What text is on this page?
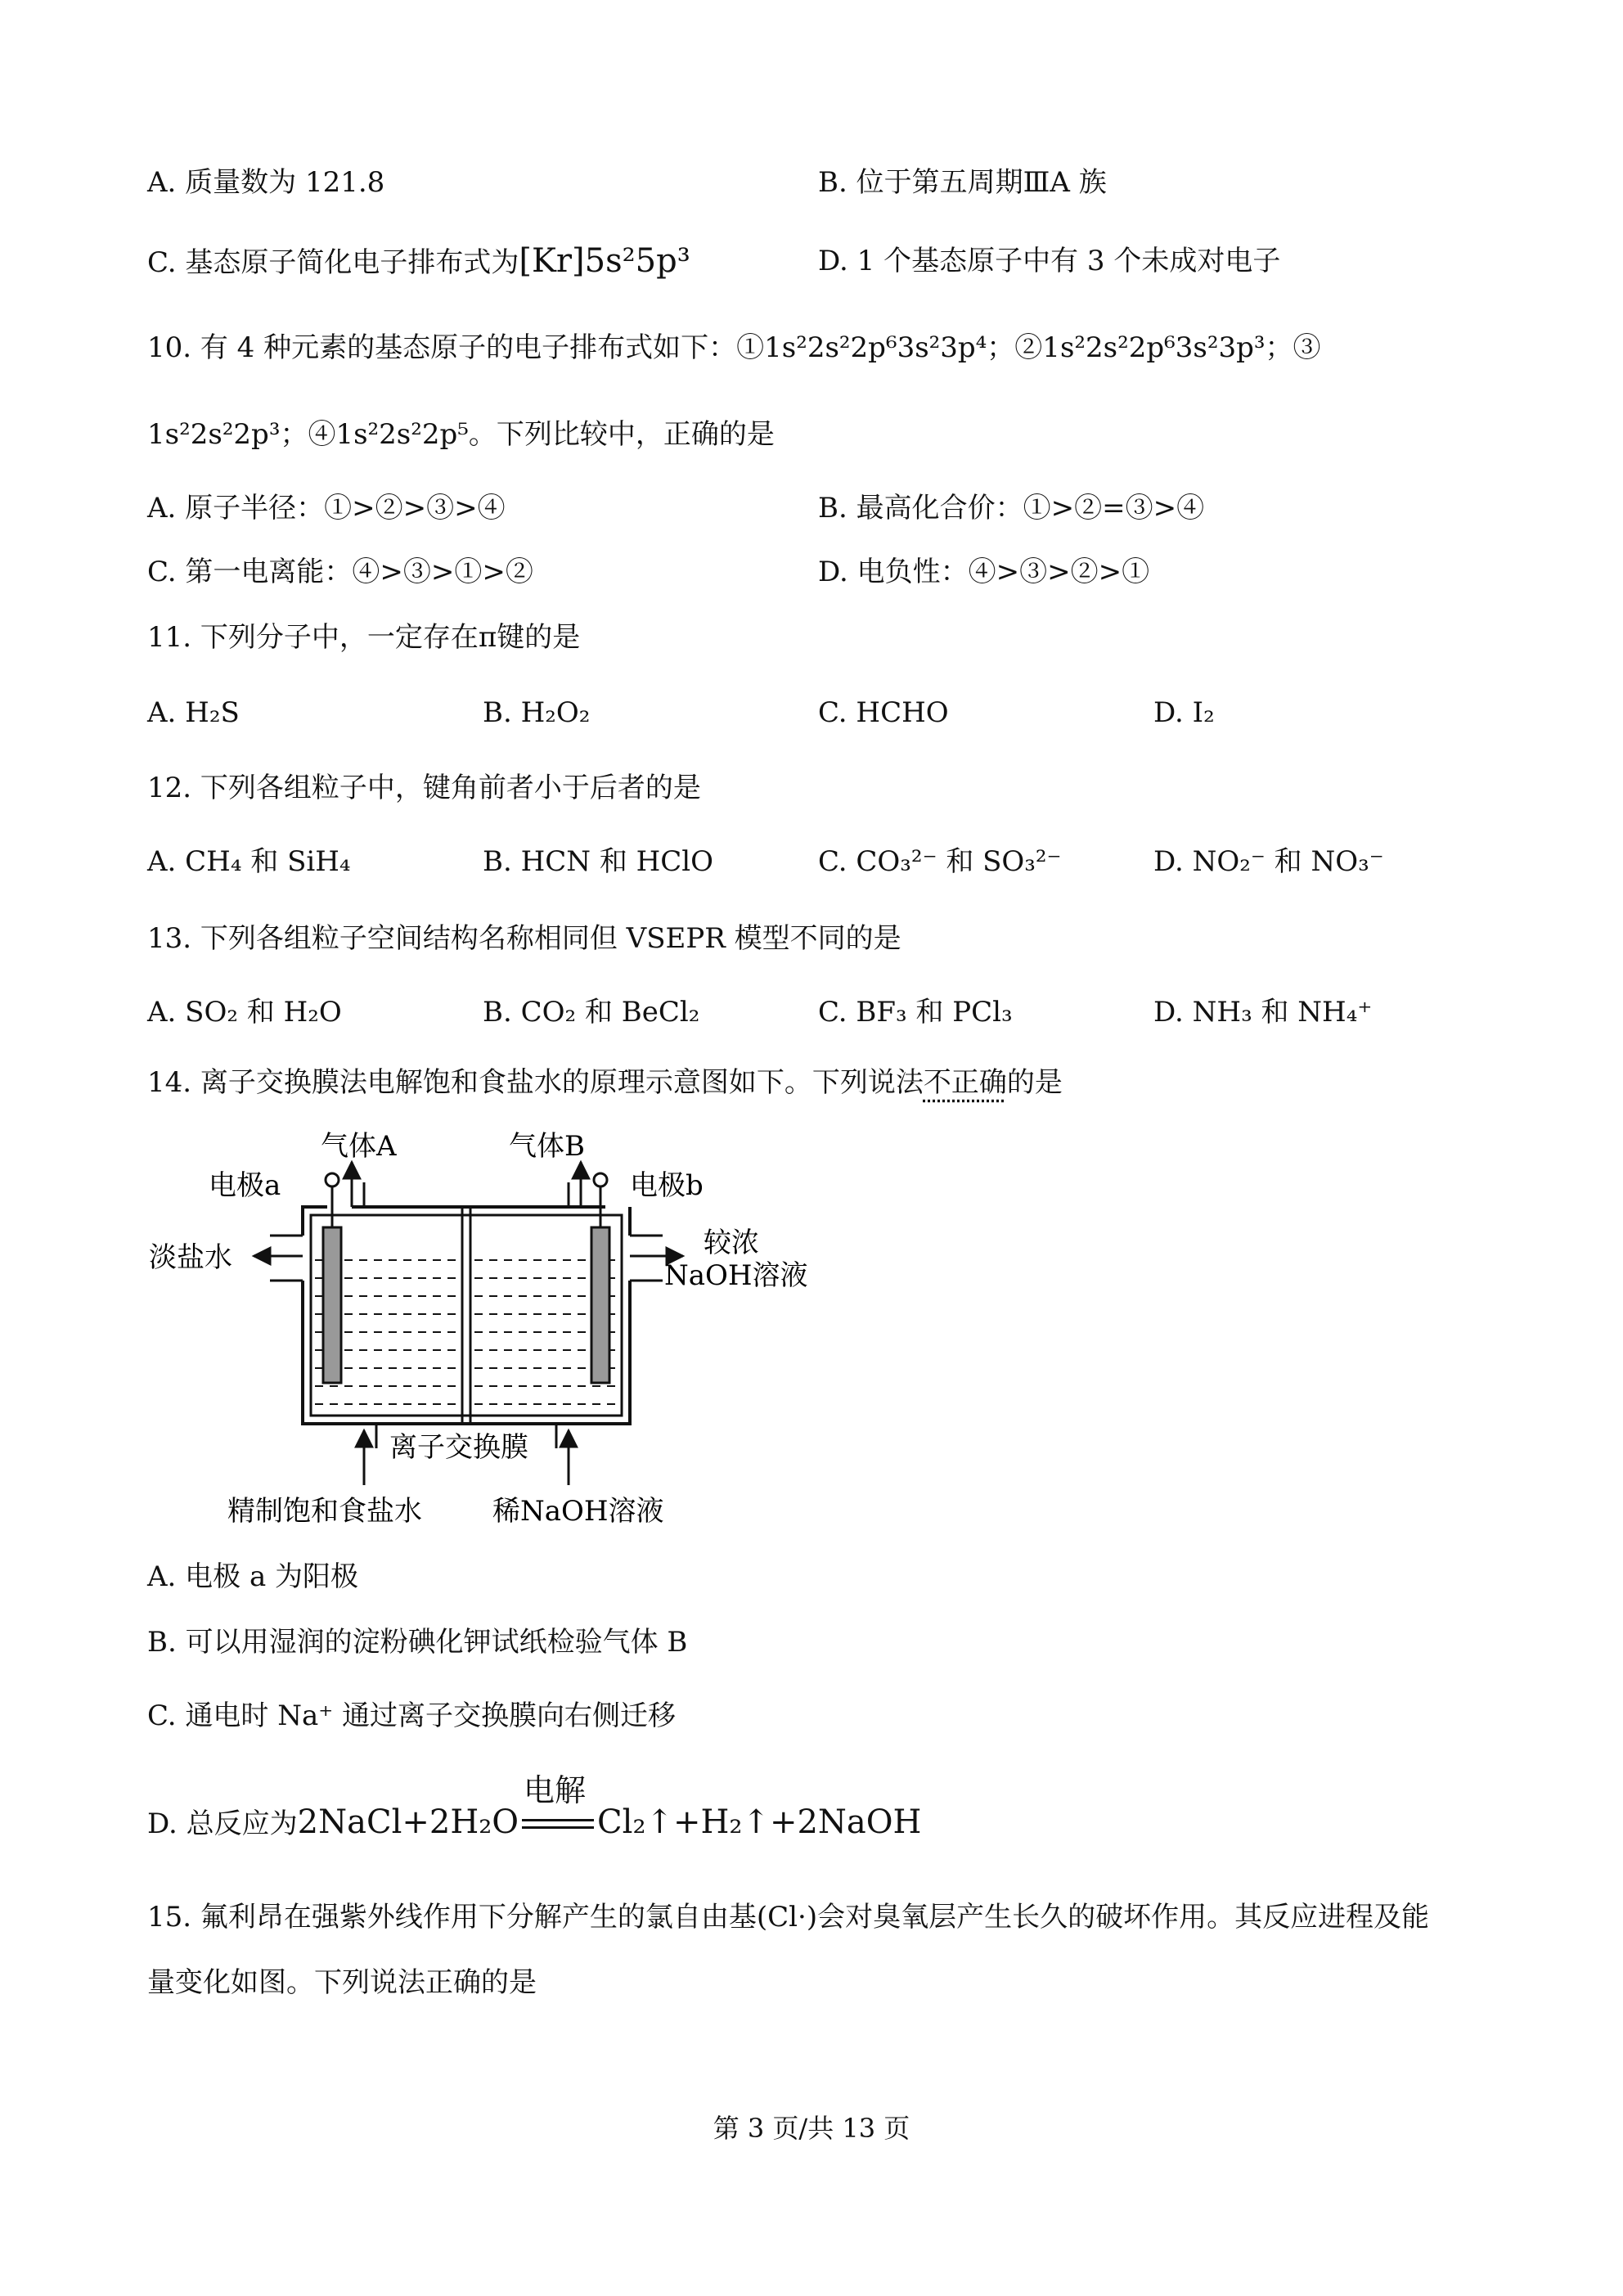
A. 质量数为 121.8	B. 位于第五周期ⅢA 族
C. 基态原子简化电子排布式为[Kr]5s²5p³	D. 1 个基态原子中有 3 个未成对电子
10. 有 4 种元素的基态原子的电子排布式如下：①1s²2s²2p⁶3s²3p⁴；②1s²2s²2p⁶3s²3p³；③
1s²2s²2p³；④1s²2s²2p⁵。下列比较中，正确的是
A. 原子半径：①>②>③>④	B. 最高化合价：①>②=③>④
C. 第一电离能：④>③>①>②	D. 电负性：④>③>②>①
11. 下列分子中，一定存在π键的是
A. H₂S	B. H₂O₂	C. HCHO	D. I₂
12. 下列各组粒子中，键角前者小于后者的是
A. CH₄ 和 SiH₄	B. HCN 和 HClO	C. CO₃²⁻ 和 SO₃²⁻	D. NO₂⁻ 和 NO₃⁻
13. 下列各组粒子空间结构名称相同但 VSEPR 模型不同的是
A. SO₂ 和 H₂O	B. CO₂ 和 BeCl₂	C. BF₃ 和 PCl₃	D. NH₃ 和 NH₄⁺
14. 离子交换膜法电解饱和食盐水的原理示意图如下。下列说法不正确的是
气体A	气体B
电极a	电极b
淡盐水	较浓
NaOH溶液
离子交换膜
精制饱和食盐水	稀NaOH溶液
A. 电极 a 为阳极
B. 可以用湿润的淀粉碘化钾试纸检验气体 B
C. 通电时 Na⁺ 通过离子交换膜向右侧迁移
D. 总反应为2NaCl+2H₂O
电解
Cl₂↑+H₂↑+2NaOH
15. 氟利昂在强紫外线作用下分解产生的氯自由基(Cl·)会对臭氧层产生长久的破坏作用。其反应进程及能
量变化如图。下列说法正确的是
第 3 页/共 13 页
